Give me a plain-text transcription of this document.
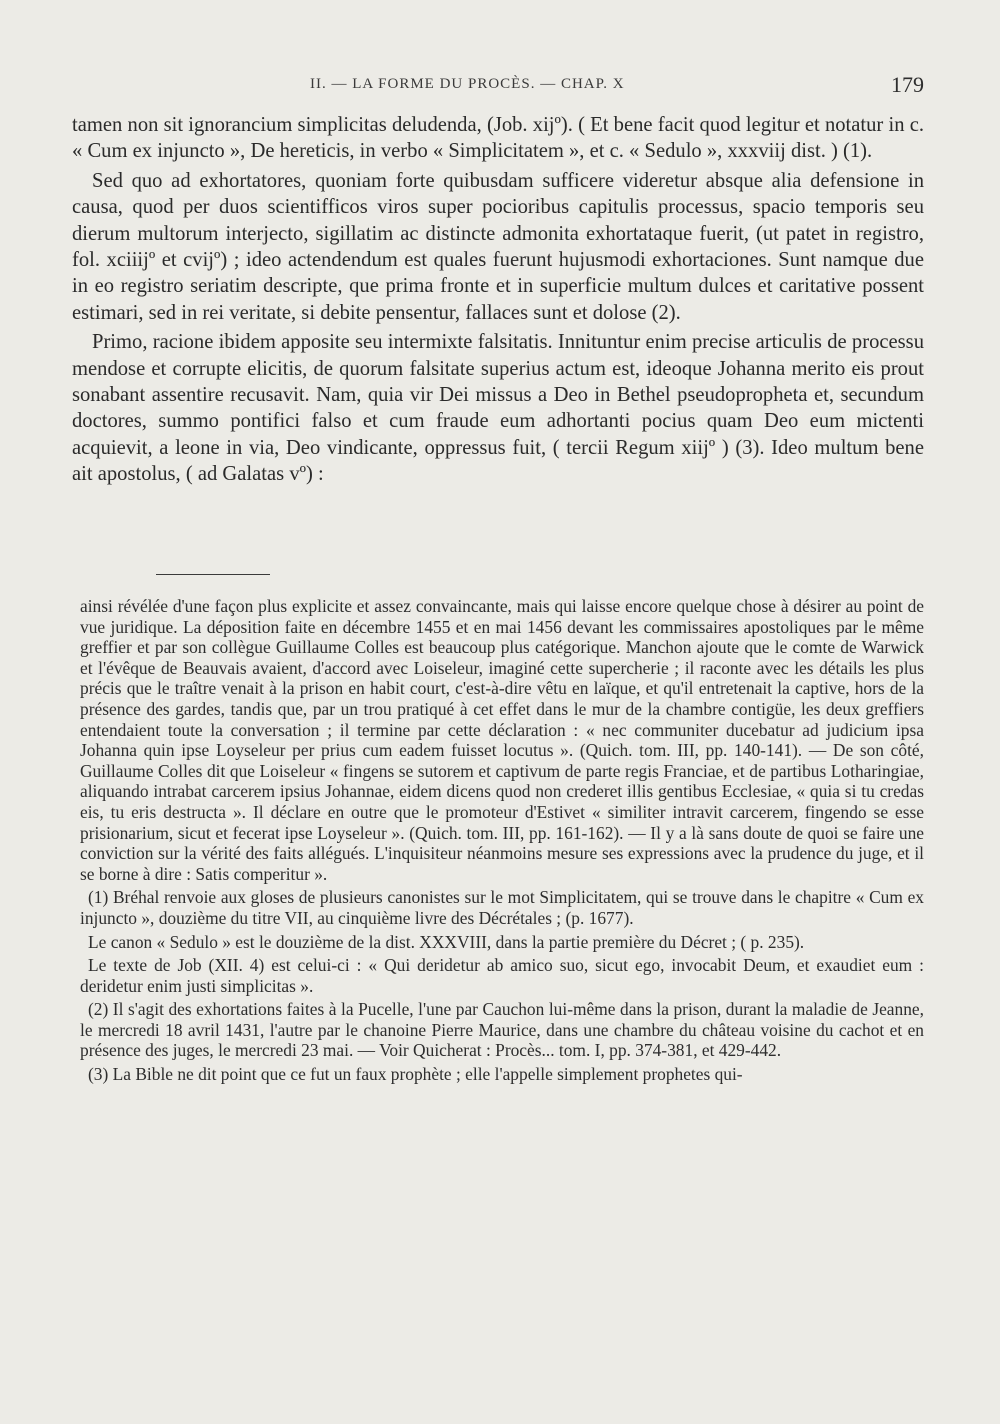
II. — LA FORME DU PROCÈS. — CHAP. X	179

tamen non sit ignorancium simplicitas deludenda, (Job. xijº). ( Et bene facit quod legitur et notatur in c. « Cum ex injuncto », De hereticis, in verbo « Simplicitatem », et c. « Sedulo », xxxviij dist. ) (1).

Sed quo ad exhortatores, quoniam forte quibusdam sufficere videretur absque alia defensione in causa, quod per duos scientifficos viros super pocioribus capitulis processus, spacio temporis seu dierum multorum interjecto, sigillatim ac distincte admonita exhortataque fuerit, (ut patet in registro, fol. xciiijº et cvijº) ; ideo actendendum est quales fuerunt hujusmodi exhortaciones. Sunt namque due in eo registro seriatim descripte, que prima fronte et in superficie multum dulces et caritative possent estimari, sed in rei veritate, si debite pensentur, fallaces sunt et dolose (2).

Primo, racione ibidem apposite seu intermixte falsitatis. Innituntur enim precise articulis de processu mendose et corrupte elicitis, de quorum falsitate superius actum est, ideoque Johanna merito eis prout sonabant assentire recusavit. Nam, quia vir Dei missus a Deo in Bethel pseudopropheta et, secundum doctores, summo pontifici falso et cum fraude eum adhortanti pocius quam Deo eum mictenti acquievit, a leone in via, Deo vindicante, oppressus fuit, ( tercii Regum xiijº ) (3). Ideo multum bene ait apostolus, ( ad Galatas vº) :

ainsi révélée d'une façon plus explicite et assez convaincante, mais qui laisse encore quelque chose à désirer au point de vue juridique. La déposition faite en décembre 1455 et en mai 1456 devant les commissaires apostoliques par le même greffier et par son collègue Guillaume Colles est beaucoup plus catégorique. Manchon ajoute que le comte de Warwick et l'évêque de Beauvais avaient, d'accord avec Loiseleur, imaginé cette supercherie ; il raconte avec les détails les plus précis que le traître venait à la prison en habit court, c'est-à-dire vêtu en laïque, et qu'il entretenait la captive, hors de la présence des gardes, tandis que, par un trou pratiqué à cet effet dans le mur de la chambre contigüe, les deux greffiers entendaient toute la conversation ; il termine par cette déclaration : « nec communiter ducebatur ad judicium ipsa Johanna quin ipse Loyseleur per prius cum eadem fuisset locutus ». (Quich. tom. III, pp. 140-141). — De son côté, Guillaume Colles dit que Loiseleur « fingens se sutorem et captivum de parte regis Franciae, et de partibus Lotharingiae, aliquando intrabat carcerem ipsius Johannae, eidem dicens quod non crederet illis gentibus Ecclesiae, « quia si tu credas eis, tu eris destructa ». Il déclare en outre que le promoteur d'Estivet « similiter intravit carcerem, fingendo se esse prisionarium, sicut et fecerat ipse Loyseleur ». (Quich. tom. III, pp. 161-162). — Il y a là sans doute de quoi se faire une conviction sur la vérité des faits allégués. L'inquisiteur néanmoins mesure ses expressions avec la prudence du juge, et il se borne à dire : Satis comperitur ».

(1) Bréhal renvoie aux gloses de plusieurs canonistes sur le mot Simplicitatem, qui se trouve dans le chapitre « Cum ex injuncto », douzième du titre VII, au cinquième livre des Décrétales ; (p. 1677).

Le canon « Sedulo » est le douzième de la dist. XXXVIII, dans la partie première du Décret ; ( p. 235).

Le texte de Job (XII. 4) est celui-ci : « Qui deridetur ab amico suo, sicut ego, invocabit Deum, et exaudiet eum : deridetur enim justi simplicitas ».

(2) Il s'agit des exhortations faites à la Pucelle, l'une par Cauchon lui-même dans la prison, durant la maladie de Jeanne, le mercredi 18 avril 1431, l'autre par le chanoine Pierre Maurice, dans une chambre du château voisine du cachot et en présence des juges, le mercredi 23 mai. — Voir Quicherat : Procès... tom. I, pp. 374-381, et 429-442.

(3) La Bible ne dit point que ce fut un faux prophète ; elle l'appelle simplement prophetes qui-
